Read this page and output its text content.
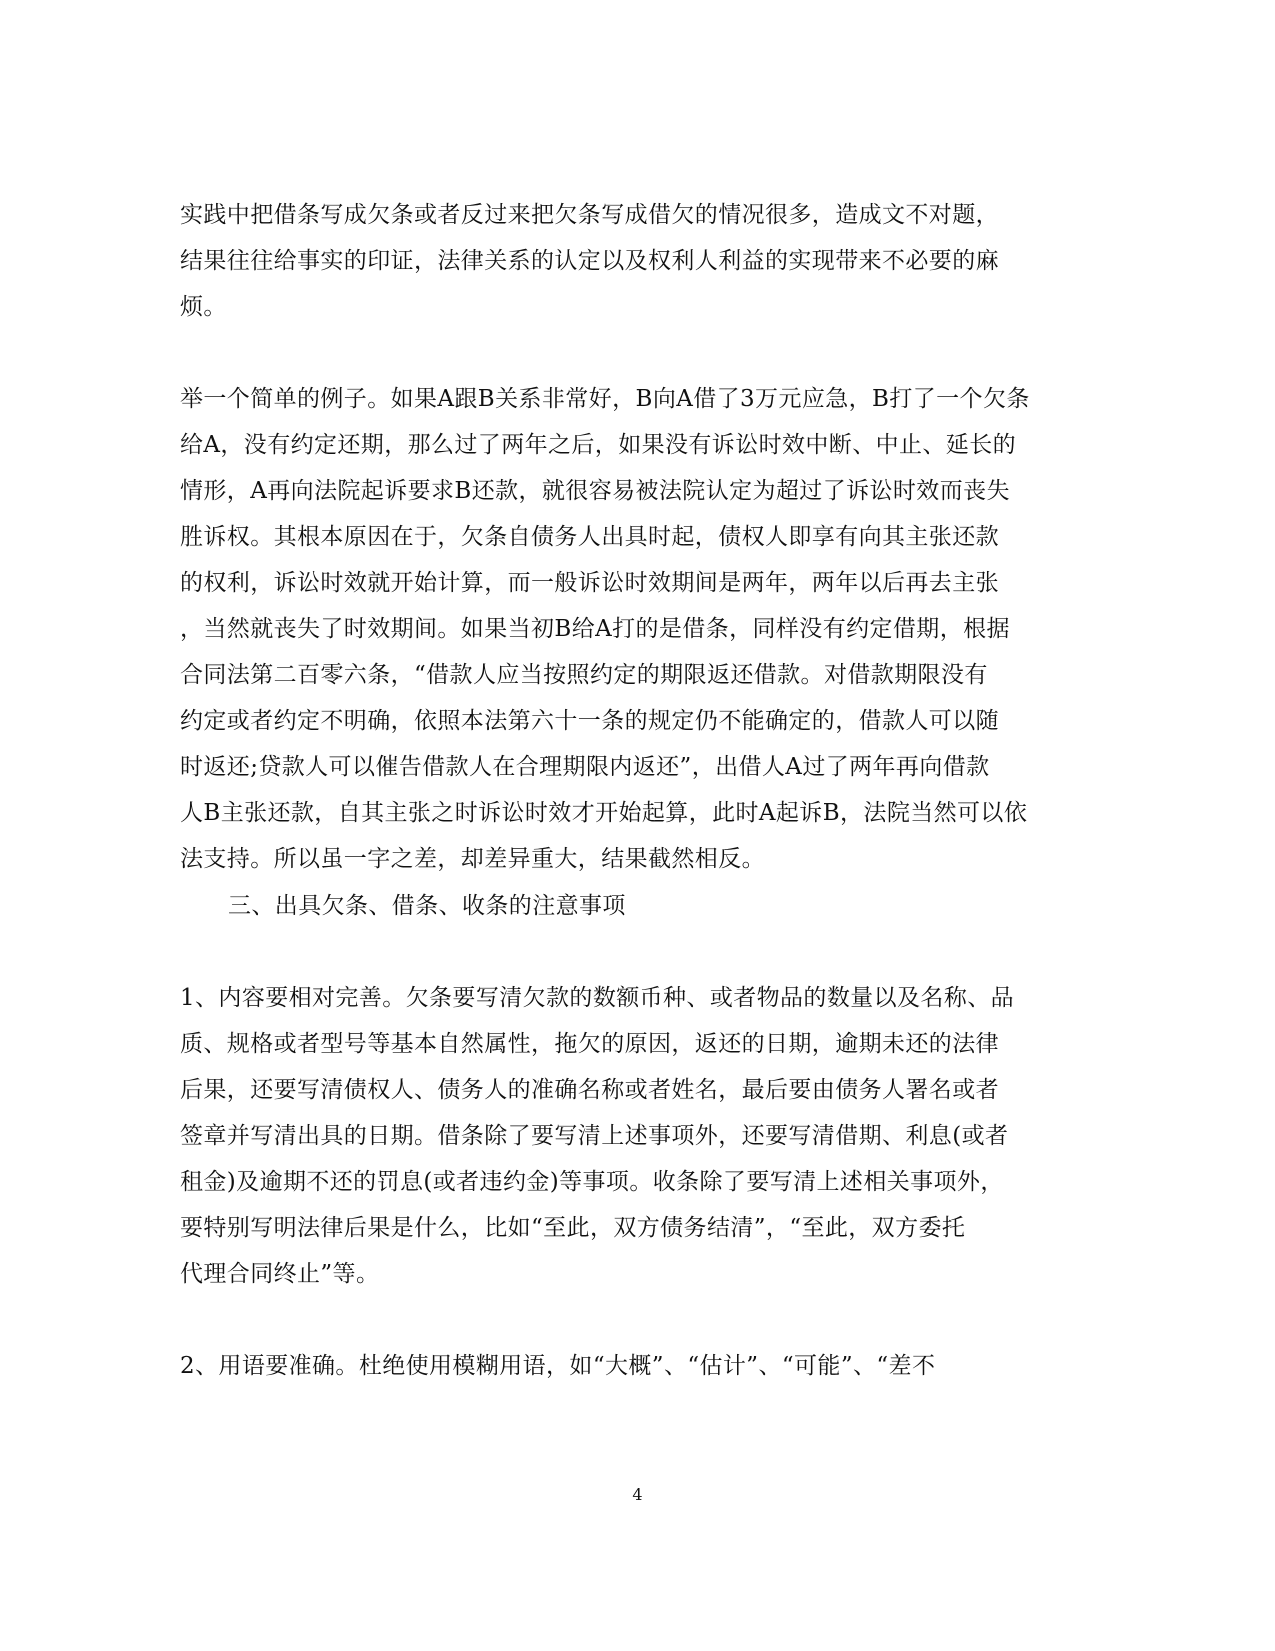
实践中把借条写成欠条或者反过来把欠条写成借欠的情况很多，造成文不对题，
结果往往给事实的印证，法律关系的认定以及权利人利益的实现带来不必要的麻
烦。
举一个简单的例子。如果A跟B关系非常好，B向A借了3万元应急，B打了一个欠条
给A，没有约定还期，那么过了两年之后，如果没有诉讼时效中断、中止、延长的
情形，A再向法院起诉要求B还款，就很容易被法院认定为超过了诉讼时效而丧失
胜诉权。其根本原因在于，欠条自债务人出具时起，债权人即享有向其主张还款
的权利，诉讼时效就开始计算，而一般诉讼时效期间是两年，两年以后再去主张
，当然就丧失了时效期间。如果当初B给A打的是借条，同样没有约定借期，根据
合同法第二百零六条，“借款人应当按照约定的期限返还借款。对借款期限没有
约定或者约定不明确，依照本法第六十一条的规定仍不能确定的，借款人可以随
时返还;贷款人可以催告借款人在合理期限内返还”，出借人A过了两年再向借款
人B主张还款，自其主张之时诉讼时效才开始起算，此时A起诉B，法院当然可以依
法支持。所以虽一字之差，却差异重大，结果截然相反。
三、出具欠条、借条、收条的注意事项
1、内容要相对完善。欠条要写清欠款的数额币种、或者物品的数量以及名称、品
质、规格或者型号等基本自然属性，拖欠的原因，返还的日期，逾期未还的法律
后果，还要写清债权人、债务人的准确名称或者姓名，最后要由债务人署名或者
签章并写清出具的日期。借条除了要写清上述事项外，还要写清借期、利息(或者
租金)及逾期不还的罚息(或者违约金)等事项。收条除了要写清上述相关事项外，
要特别写明法律后果是什么，比如“至此，双方债务结清”，“至此，双方委托
代理合同终止”等。
2、用语要准确。杜绝使用模糊用语，如“大概”、“估计”、“可能”、“差不
4
